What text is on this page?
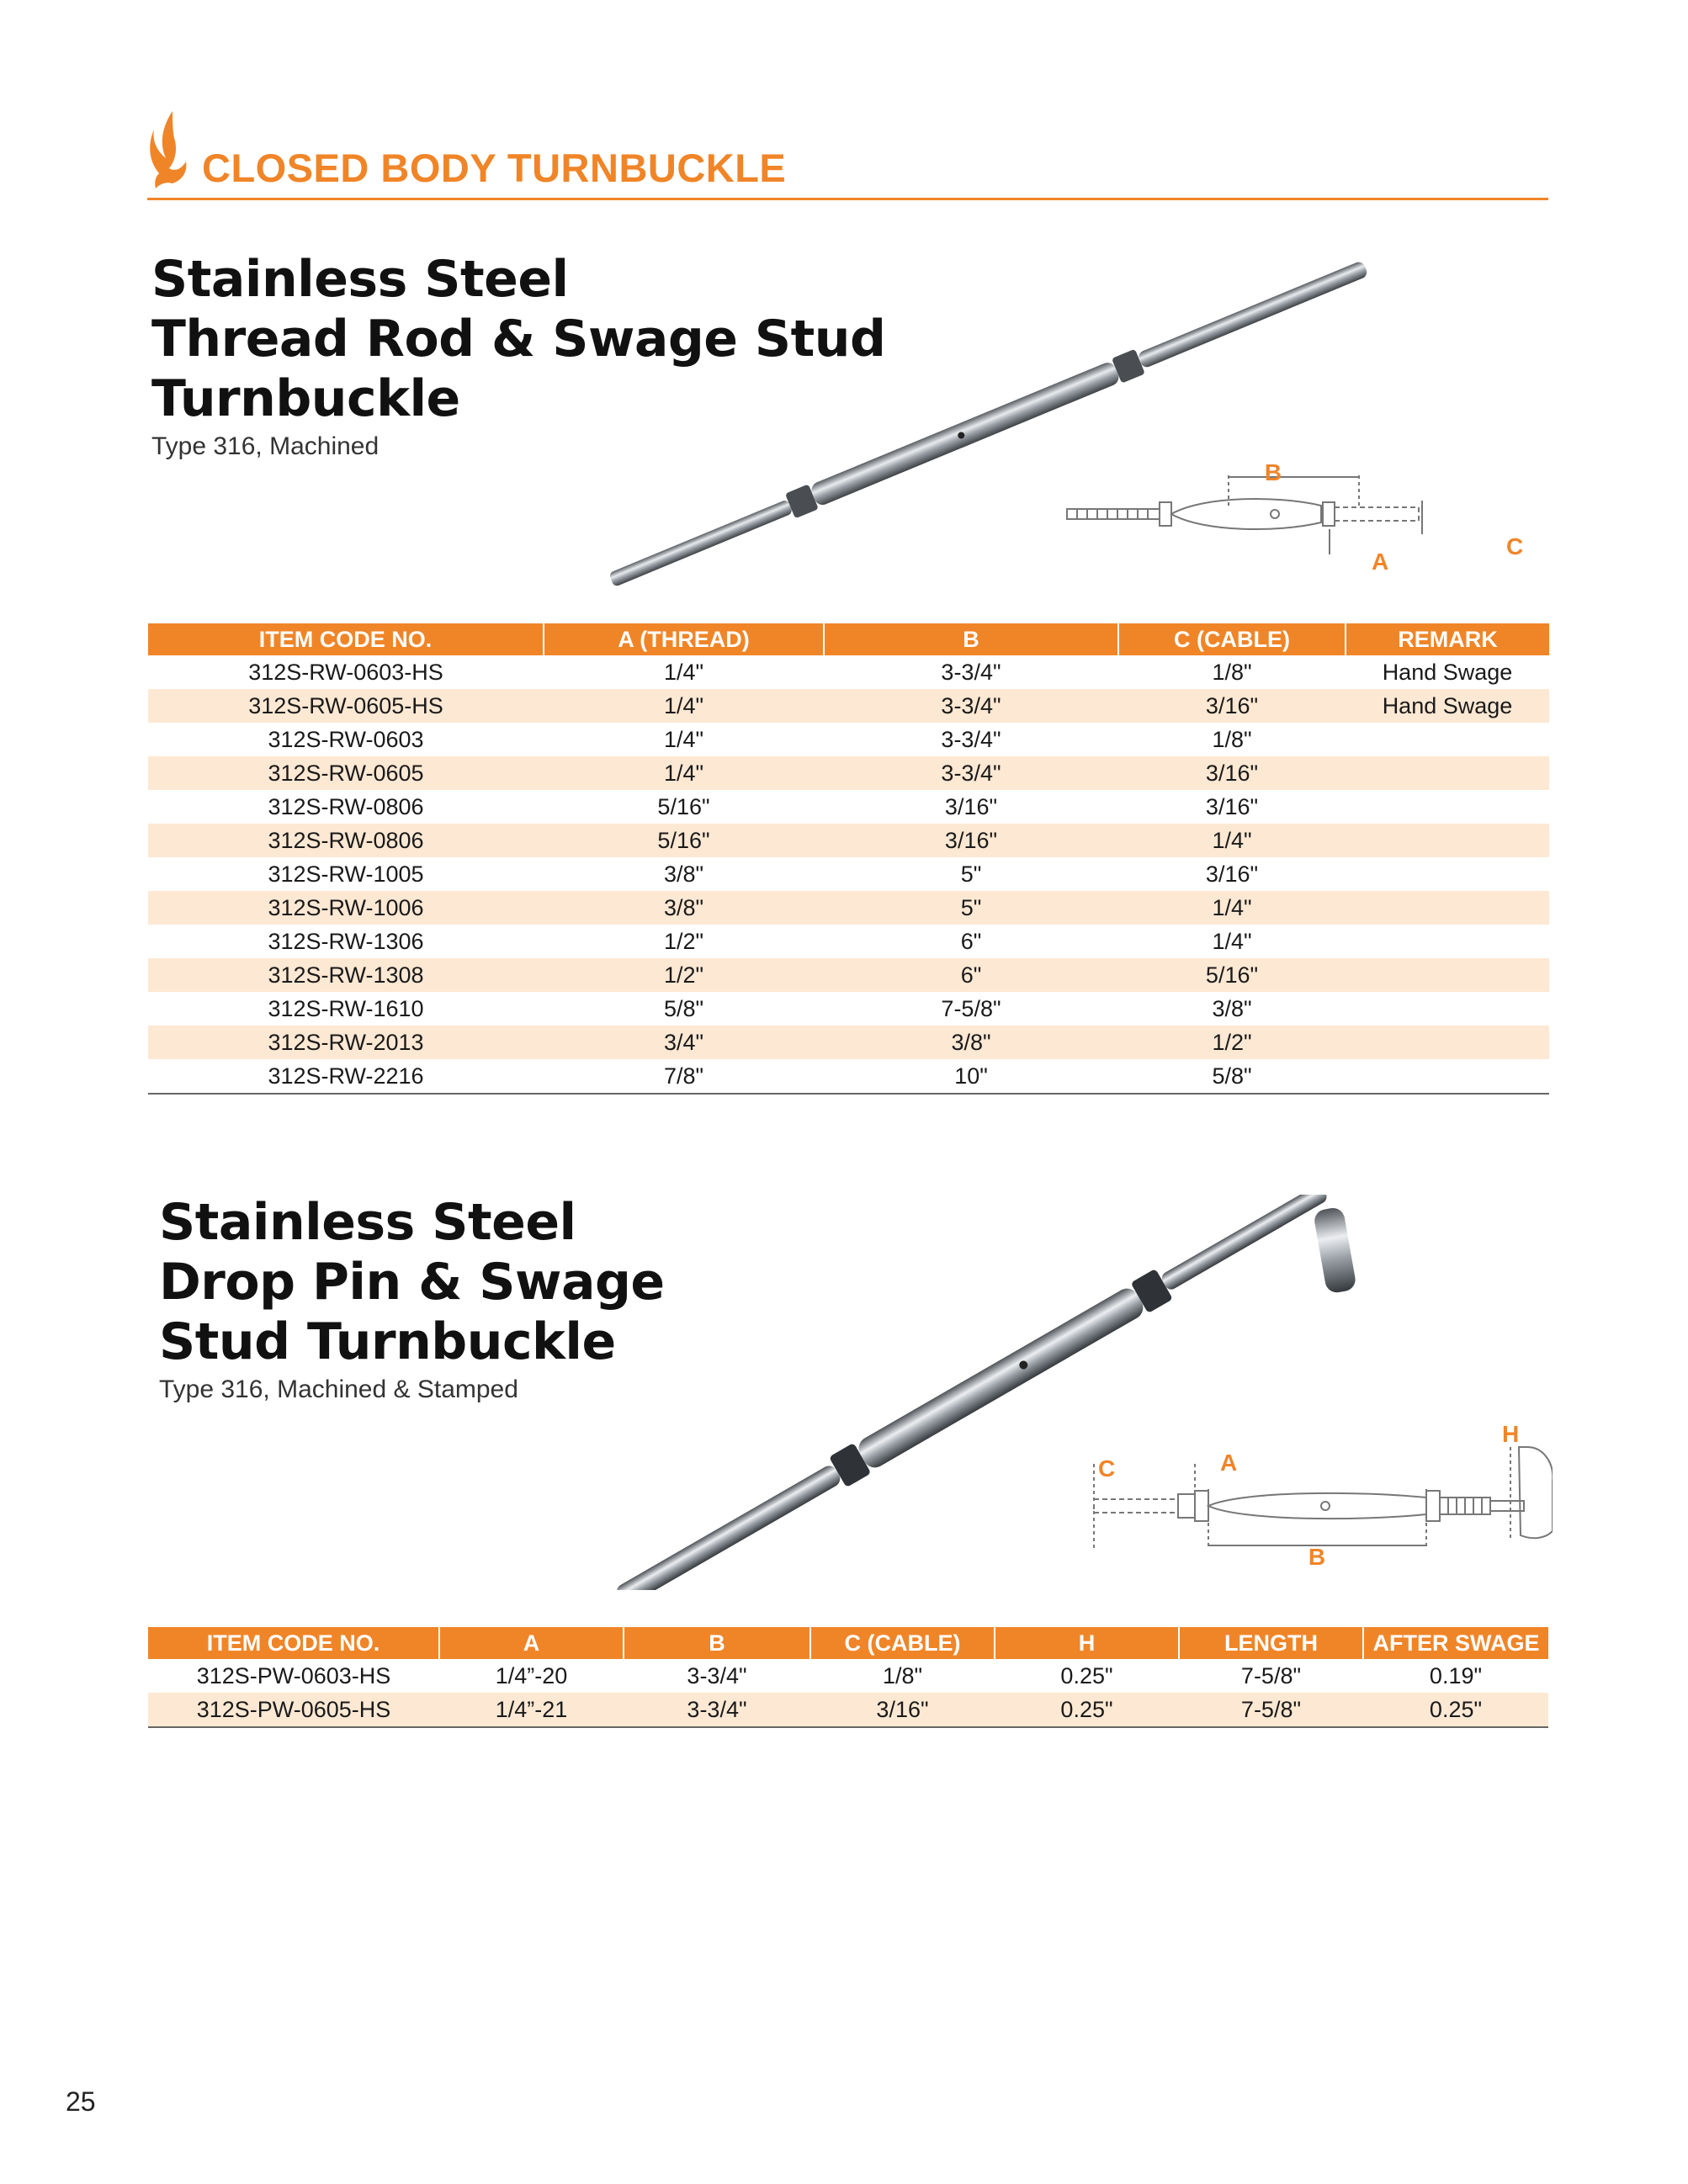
CLOSED BODY TURNBUCKLE
Stainless Steel
Thread Rod & Swage Stud
Turnbuckle
Type 316, Machined
B
A
C
ITEM CODE NO.	A (THREAD)	B	C (CABLE)	REMARK
312S-RW-0603-HS	1/4"	3-3/4"	1/8"	Hand Swage
312S-RW-0605-HS	1/4"	3-3/4"	3/16"	Hand Swage
312S-RW-0603	1/4"	3-3/4"	1/8"	
312S-RW-0605	1/4"	3-3/4"	3/16"	
312S-RW-0806	5/16"	3/16"	3/16"	
312S-RW-0806	5/16"	3/16"	1/4"	
312S-RW-1005	3/8"	5"	3/16"	
312S-RW-1006	3/8"	5"	1/4"	
312S-RW-1306	1/2"	6"	1/4"	
312S-RW-1308	1/2"	6"	5/16"	
312S-RW-1610	5/8"	7-5/8"	3/8"	
312S-RW-2013	3/4"	3/8"	1/2"	
312S-RW-2216	7/8"	10"	5/8"	
Stainless Steel
Drop Pin & Swage
Stud Turnbuckle
Type 316, Machined & Stamped
C	A
B
H
ITEM CODE NO.	A	B	C (CABLE)	H	LENGTH	AFTER SWAGE
312S-PW-0603-HS	1/4”-20	3-3/4"	1/8"	0.25"	7-5/8"	0.19"
312S-PW-0605-HS	1/4”-21	3-3/4"	3/16"	0.25"	7-5/8"	0.25"
25
